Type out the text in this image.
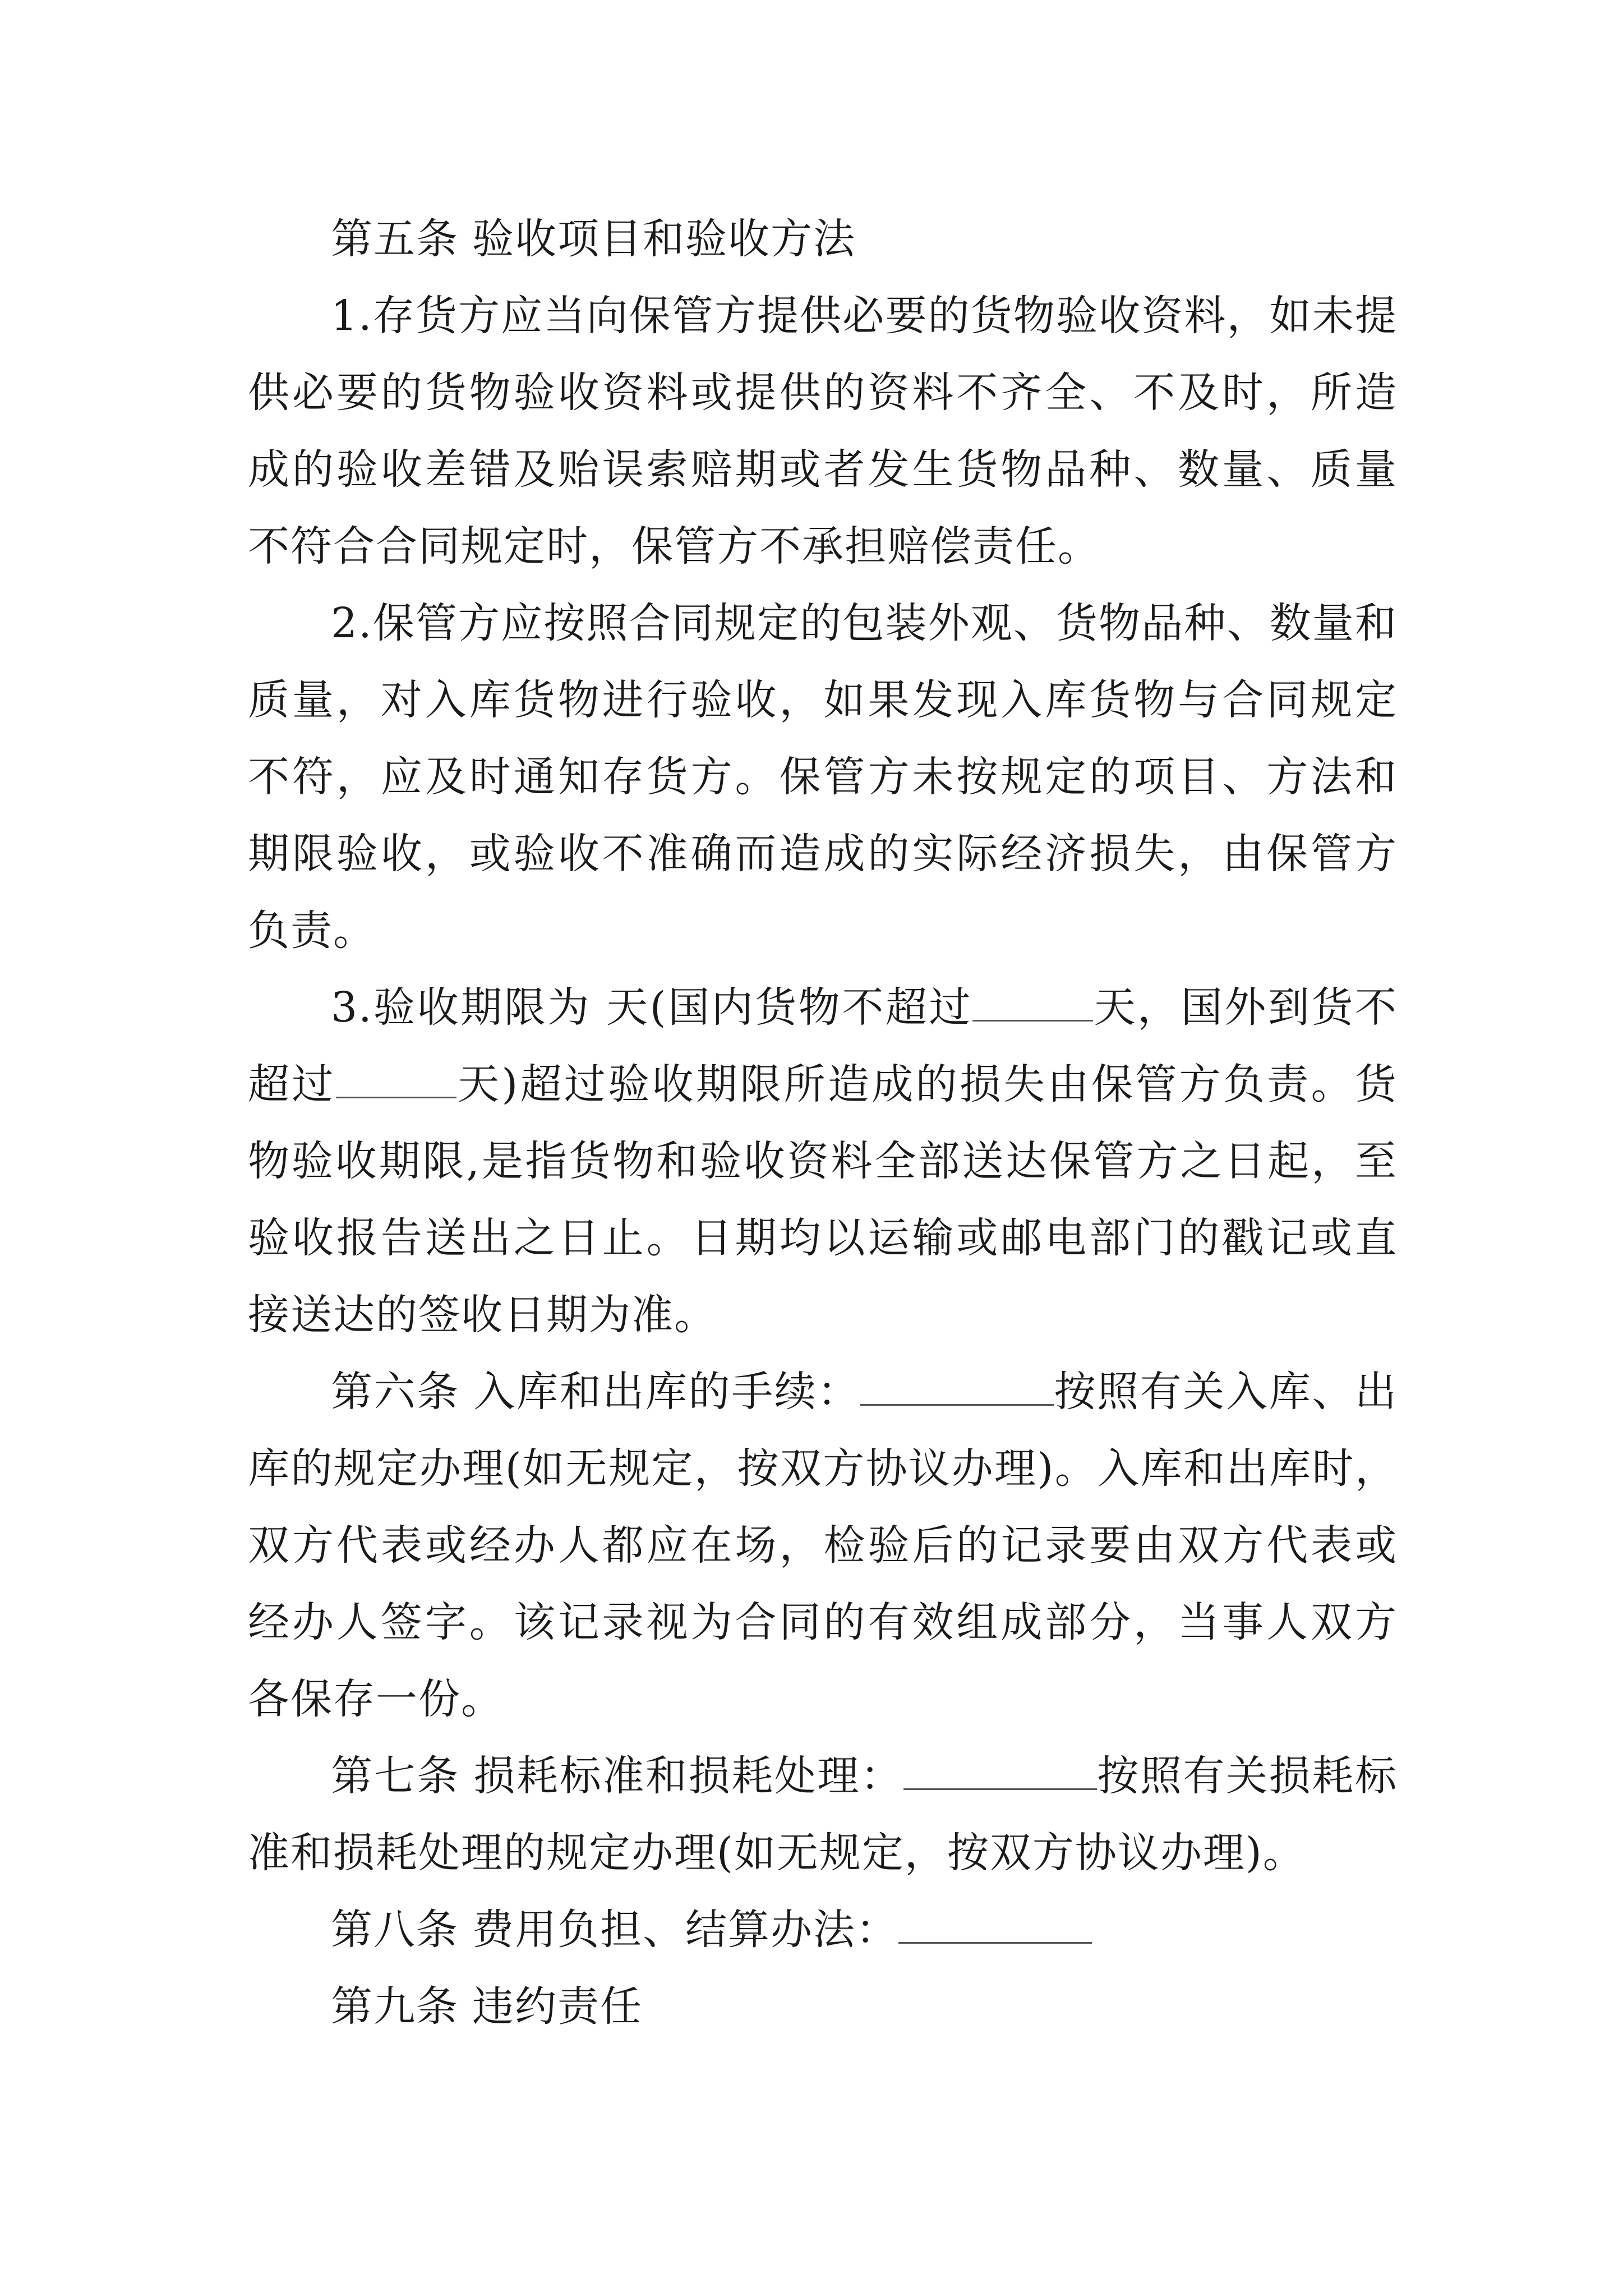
第五条 验收项目和验收方法

1.存货方应当向保管方提供必要的货物验收资料，如未提供必要的货物验收资料或提供的资料不齐全、不及时，所造成的验收差错及贻误索赔期或者发生货物品种、数量、质量不符合合同规定时，保管方不承担赔偿责任。

2.保管方应按照合同规定的包装外观、货物品种、数量和质量，对入库货物进行验收，如果发现入库货物与合同规定不符，应及时通知存货方。保管方未按规定的项目、方法和期限验收，或验收不准确而造成的实际经济损失，由保管方负责。

3.验收期限为 天(国内货物不超过	天，国外到货不超过	天)超过验收期限所造成的损失由保管方负责。货物验收期限,是指货物和验收资料全部送达保管方之日起，至验收报告送出之日止。日期均以运输或邮电部门的戳记或直接送达的签收日期为准。

第六条 入库和出库的手续：	按照有关入库、出库的规定办理(如无规定，按双方协议办理)。入库和出库时，双方代表或经办人都应在场，检验后的记录要由双方代表或经办人签字。该记录视为合同的有效组成部分，当事人双方各保存一份。

第七条 损耗标准和损耗处理：	按照有关损耗标准和损耗处理的规定办理(如无规定，按双方协议办理)。

第八条 费用负担、结算办法：

第九条 违约责任
